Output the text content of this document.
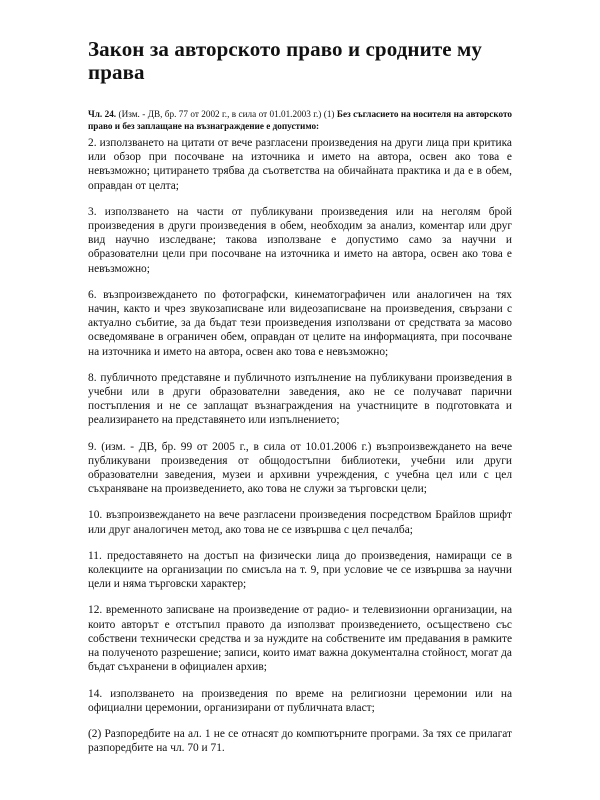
Закон за авторското право и сродните му права

Чл. 24. (Изм. - ДВ, бр. 77 от 2002 г., в сила от 01.01.2003 г.) (1) Без съгласието на носителя на авторското право и без заплащане на възнаграждение е допустимо:

2. използването на цитати от вече разгласени произведения на други лица при критика или обзор при посочване на източника и името на автора, освен ако това е невъзможно; цитирането трябва да съответства на обичайната практика и да е в обем, оправдан от целта;

3. използването на части от публикувани произведения или на неголям брой произведения в други произведения в обем, необходим за анализ, коментар или друг вид научно изследване; такова използване е допустимо само за научни и образователни цели при посочване на източника и името на автора, освен ако това е невъзможно;

6. възпроизвеждането по фотографски, кинематографичен или аналогичен на тях начин, както и чрез звукозаписване или видеозаписване на произведения, свързани с актуално събитие, за да бъдат тези произведения използвани от средствата за масово осведомяване в ограничен обем, оправдан от целите на информацията, при посочване на източника и името на автора, освен ако това е невъзможно;

8. публичното представяне и публичното изпълнение на публикувани произведения в учебни или в други образователни заведения, ако не се получават парични постъпления и не се заплащат възнаграждения на участниците в подготовката и реализирането на представянето или изпълнението;

9. (изм. - ДВ, бр. 99 от 2005 г., в сила от 10.01.2006 г.) възпроизвеждането на вече публикувани произведения от общодостъпни библиотеки, учебни или други образователни заведения, музеи и архивни учреждения, с учебна цел или с цел съхраняване на произведението, ако това не служи за търговски цели;

10. възпроизвеждането на вече разгласени произведения посредством Брайлов шрифт или друг аналогичен метод, ако това не се извършва с цел печалба;

11. предоставянето на достъп на физически лица до произведения, намиращи се в колекциите на организации по смисъла на т. 9, при условие че се извършва за научни цели и няма търговски характер;

12. временното записване на произведение от радио- и телевизионни организации, на които авторът е отстъпил правото да използват произведението, осъществено със собствени технически средства и за нуждите на собствените им предавания в рамките на полученото разрешение; записи, които имат важна документална стойност, могат да бъдат съхранени в официален архив;

14. използването на произведения по време на религиозни церемонии или на официални церемонии, организирани от публичната власт;

(2) Разпоредбите на ал. 1 не се отнасят до компютърните програми. За тях се прилагат разпоредбите на чл. 70 и 71.
